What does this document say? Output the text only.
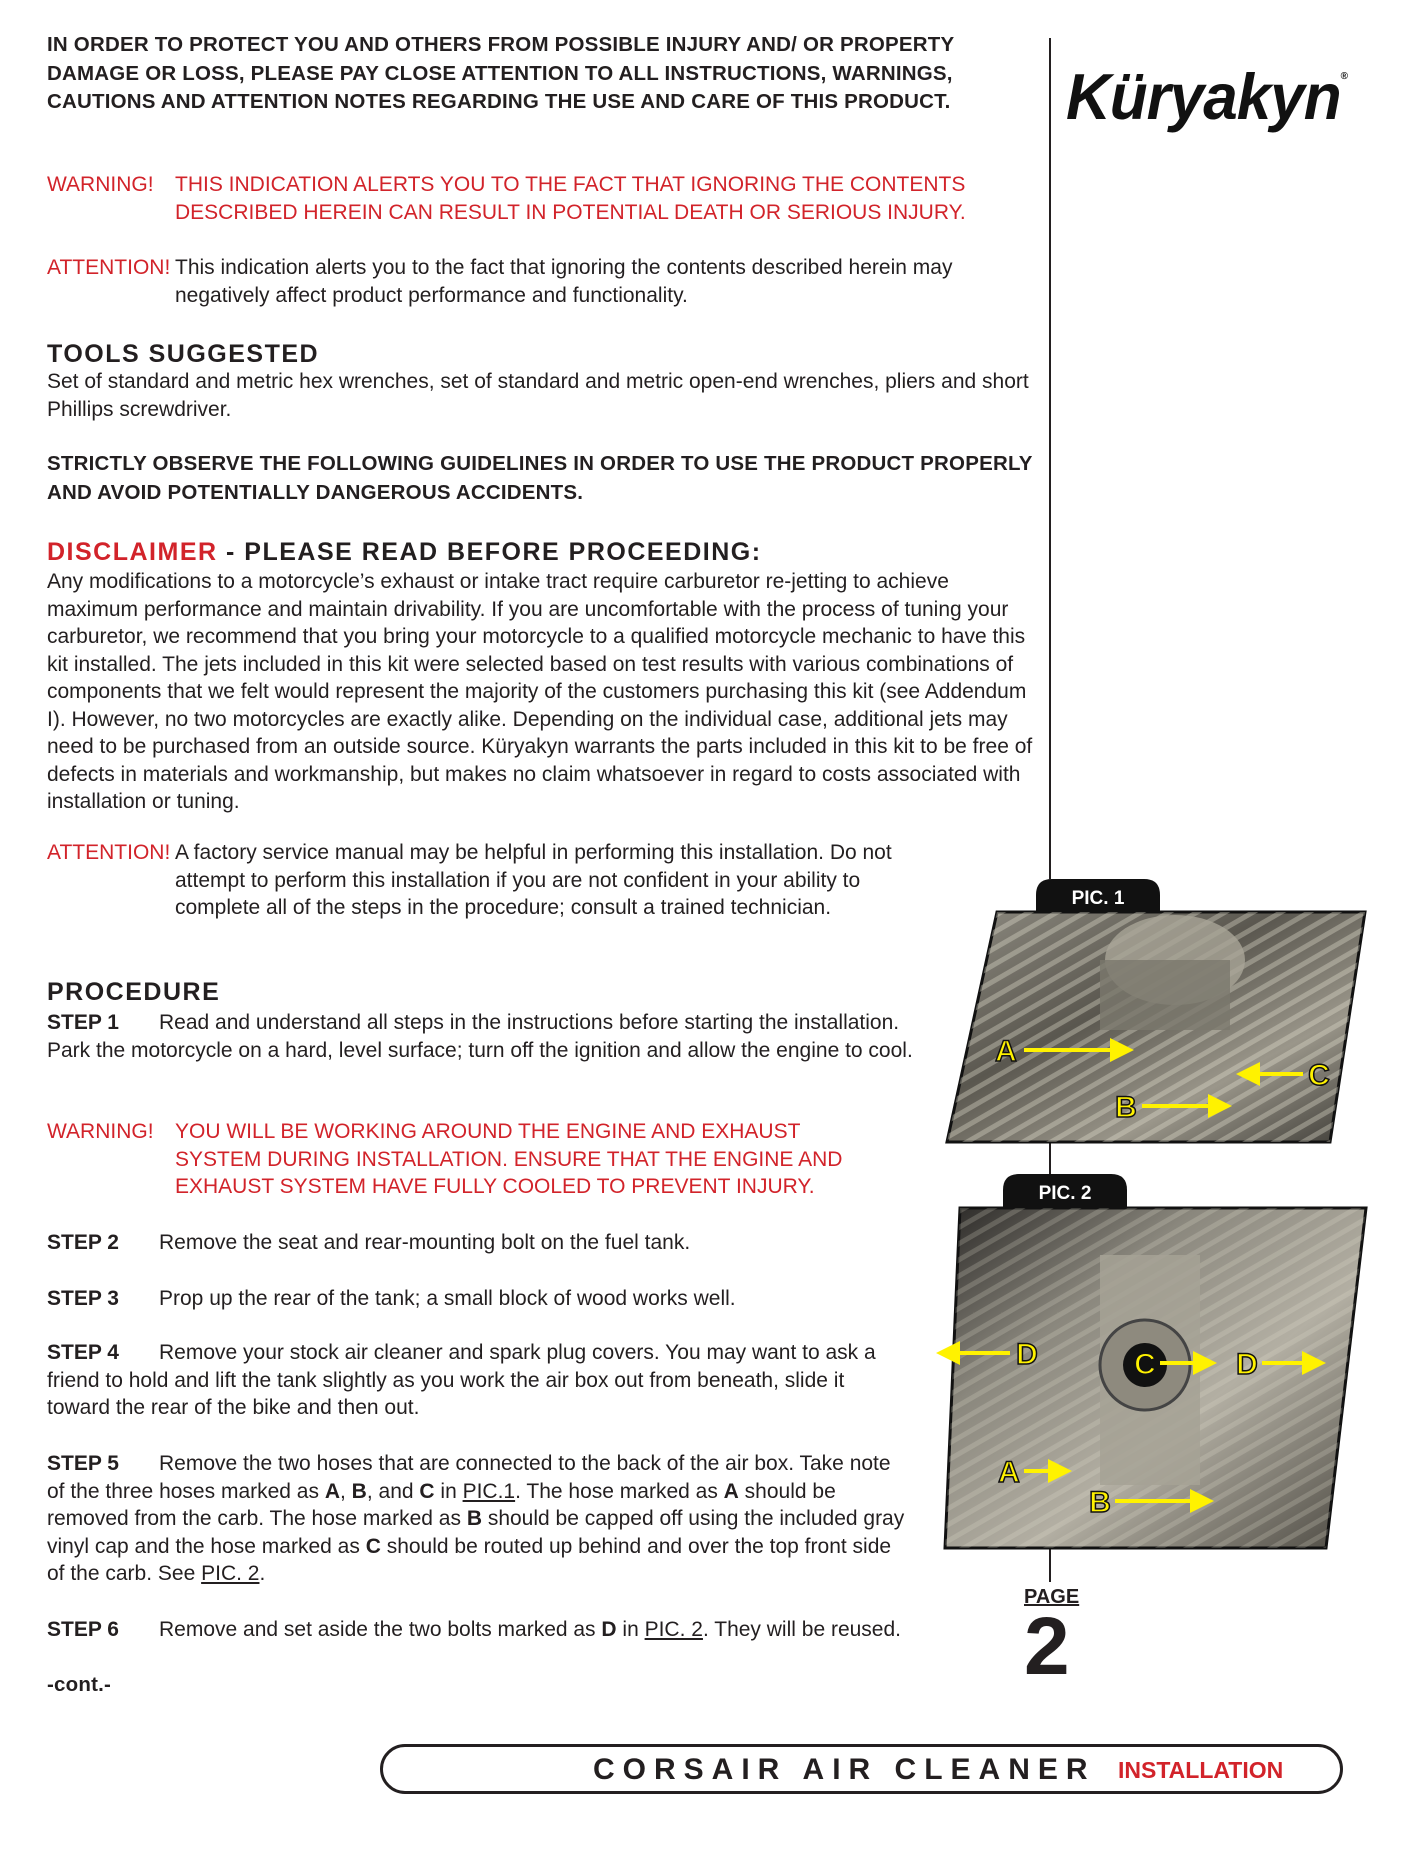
Küryakyn®
IN ORDER TO PROTECT YOU AND OTHERS FROM POSSIBLE INJURY AND/ OR PROPERTY DAMAGE OR LOSS, PLEASE PAY CLOSE ATTENTION TO ALL INSTRUCTIONS, WARNINGS, CAUTIONS AND ATTENTION NOTES REGARDING THE USE AND CARE OF THIS PRODUCT.
WARNING! THIS INDICATION ALERTS YOU TO THE FACT THAT IGNORING THE CONTENTS DESCRIBED HEREIN CAN RESULT IN POTENTIAL DEATH OR SERIOUS INJURY.
ATTENTION! This indication alerts you to the fact that ignoring the contents described herein may negatively affect product performance and functionality.
TOOLS SUGGESTED
Set of standard and metric hex wrenches, set of standard and metric open-end wrenches, pliers and short Phillips screwdriver.
STRICTLY OBSERVE THE FOLLOWING GUIDELINES IN ORDER TO USE THE PRODUCT PROPERLY AND AVOID POTENTIALLY DANGEROUS ACCIDENTS.
DISCLAIMER - PLEASE READ BEFORE PROCEEDING:
Any modifications to a motorcycle’s exhaust or intake tract require carburetor re-jetting to achieve maximum performance and maintain drivability. If you are uncomfortable with the process of tuning your carburetor, we recommend that you bring your motorcycle to a qualified motorcycle mechanic to have this kit installed. The jets included in this kit were selected based on test results with various combinations of components that we felt would represent the majority of the customers purchasing this kit (see Addendum I). However, no two motorcycles are exactly alike. Depending on the individual case, additional jets may need to be purchased from an outside source. Küryakyn warrants the parts included in this kit to be free of defects in materials and workmanship, but makes no claim whatsoever in regard to costs associated with installation or tuning.
ATTENTION! A factory service manual may be helpful in performing this installation. Do not attempt to perform this installation if you are not confident in your ability to complete all of the steps in the procedure; consult a trained technician.
PROCEDURE
STEP 1 Read and understand all steps in the instructions before starting the installation. Park the motorcycle on a hard, level surface; turn off the ignition and allow the engine to cool.
WARNING! YOU WILL BE WORKING AROUND THE ENGINE AND EXHAUST SYSTEM DURING INSTALLATION. ENSURE THAT THE ENGINE AND EXHAUST SYSTEM HAVE FULLY COOLED TO PREVENT INJURY.
STEP 2 Remove the seat and rear-mounting bolt on the fuel tank.
STEP 3 Prop up the rear of the tank; a small block of wood works well.
STEP 4 Remove your stock air cleaner and spark plug covers. You may want to ask a friend to hold and lift the tank slightly as you work the air box out from beneath, slide it toward the rear of the bike and then out.
STEP 5 Remove the two hoses that are connected to the back of the air box. Take note of the three hoses marked as A, B, and C in PIC.1. The hose marked as A should be removed from the carb. The hose marked as B should be capped off using the included gray vinyl cap and the hose marked as C should be routed up behind and over the top front side of the carb. See PIC. 2.
STEP 6 Remove and set aside the two bolts marked as D in PIC. 2. They will be reused.
-cont.-
PIC. 1
A
B
C
PIC. 2
D	C	D
A
B
PAGE
2
CORSAIR AIR CLEANER INSTALLATION
